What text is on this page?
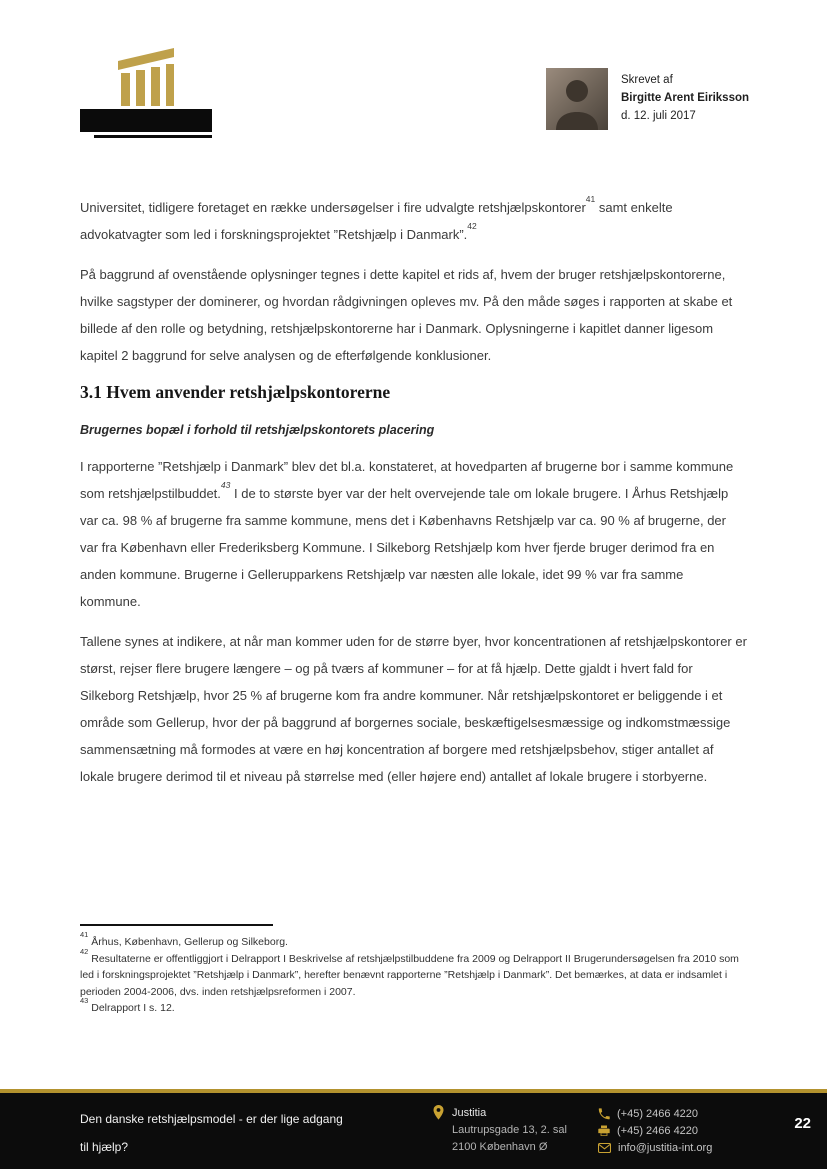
Skrevet af
Birgitte Arent Eiriksson
d. 12. juli 2017

Universitet, tidligere foretaget en række undersøgelser i fire udvalgte retshjælpskontorer$^{41}$ samt enkelte advokatvagter som led i forskningsprojektet ”Retshjælp i Danmark”.$^{42}$

På baggrund af ovenstående oplysninger tegnes i dette kapitel et rids af, hvem der bruger retshjælpskontorerne, hvilke sagstyper der dominerer, og hvordan rådgivningen opleves mv. På den måde søges i rapporten at skabe et billede af den rolle og betydning, retshjælpskontorerne har i Danmark. Oplysningerne i kapitlet danner ligesom kapitel 2 baggrund for selve analysen og de efterfølgende konklusioner.

3.1 Hvem anvender retshjælpskontorerne
Brugernes bopæl i forhold til retshjælpskontorets placering

I rapporterne ”Retshjælp i Danmark” blev det bl.a. konstateret, at hovedparten af brugerne bor i samme kommune som retshjælpstilbuddet.$^{43}$ I de to største byer var der helt overvejende tale om lokale brugere. I Århus Retshjælp var ca. 98 % af brugerne fra samme kommune, mens det i Københavns Retshjælp var ca. 90 % af brugerne, der var fra København eller Frederiksberg Kommune. I Silkeborg Retshjælp kom hver fjerde bruger derimod fra en anden kommune. Brugerne i Gellerupparkens Retshjælp var næsten alle lokale, idet 99 % var fra samme kommune.

Tallene synes at indikere, at når man kommer uden for de større byer, hvor koncentrationen af retshjælpskontorer er størst, rejser flere brugere længere – og på tværs af kommuner – for at få hjælp. Dette gjaldt i hvert fald for Silkeborg Retshjælp, hvor 25 % af brugerne kom fra andre kommuner. Når retshjælpskontoret er beliggende i et område som Gellerup, hvor der på baggrund af borgernes sociale, beskæftigelsesmæssige og indkomstmæssige sammensætning må formodes at være en høj koncentration af borgere med retshjælpsbehov, stiger antallet af lokale brugere derimod til et niveau på størrelse med (eller højere end) antallet af lokale brugere i storbyerne.

$^{41}$ Århus, København, Gellerup og Silkeborg.

$^{42}$ Resultaterne er offentliggjort i Delrapport I Beskrivelse af retshjælpstilbuddene fra 2009 og Delrapport II Brugerundersøgelsen fra 2010 som led i forskningsprojektet ”Retshjælp i Danmark”, herefter benævnt rapporterne ”Retshjælp i Danmark”. Det bemærkes, at data er indsamlet i perioden 2004-2006, dvs. inden retshjælpsreformen i 2007.

$^{43}$ Delrapport I s. 12.

Den danske retshjælpsmodel - er der lige adgang
til hjælp?
Justitia
Lautrupsgade 13, 2. sal
2100 København Ø
(+45) 2466 4220
(+45) 2466 4220
info@justitia-int.org
22
